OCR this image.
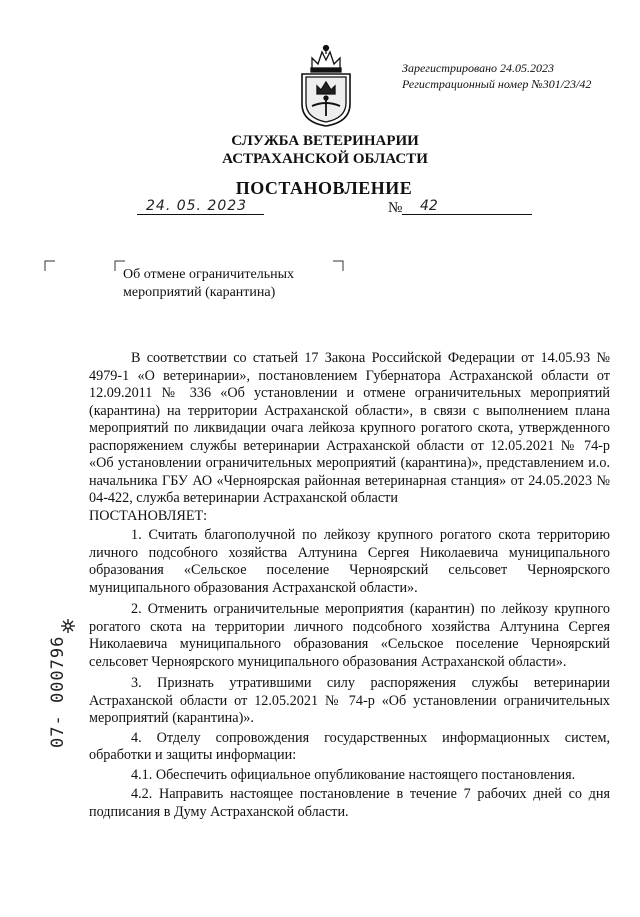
Зарегистрировано 24.05.2023
Регистрационный номер №301/23/42
СЛУЖБА ВЕТЕРИНАРИИ
АСТРАХАНСКОЙ ОБЛАСТИ
ПОСТАНОВЛЕНИЕ
24. 05. 2023	№ 42
Об отмене ограничительных
мероприятий (карантина)

В соответствии со статьей 17 Закона Российской Федерации от 14.05.93 № 4979-1 «О ветеринарии», постановлением Губернатора Астраханской области от 12.09.2011 № 336 «Об установлении и отмене ограничительных мероприятий (карантина) на территории Астраханской области», в связи с выполнением плана мероприятий по ликвидации очага лейкоза крупного рогатого скота, утвержденного распоряжением службы ветеринарии Астраханской области от 12.05.2021 № 74-р «Об установлении ограничительных мероприятий (карантина)», представлением и.о. начальника ГБУ АО «Черноярская районная ветеринарная станция» от 24.05.2023 № 04-422, служба ветеринарии Астраханской области

ПОСТАНОВЛЯЕТ:

1. Считать благополучной по лейкозу крупного рогатого скота территорию личного подсобного хозяйства Алтунина Сергея Николаевича муниципального образования «Сельское поселение Черноярский сельсовет Черноярского муниципального образования Астраханской области».

2. Отменить ограничительные мероприятия (карантин) по лейкозу крупного рогатого скота на территории личного подсобного хозяйства Алтунина Сергея Николаевича муниципального образования «Сельское поселение Черноярский сельсовет Черноярского муниципального образования Астраханской области».

3. Признать утратившими силу распоряжения службы ветеринарии Астраханской области от 12.05.2021 № 74-р «Об установлении ограничительных мероприятий (карантина)».

4. Отделу сопровождения государственных информационных систем, обработки и защиты информации:

4.1. Обеспечить официальное опубликование настоящего постановления.

4.2. Направить настоящее постановление в течение 7 рабочих дней со дня подписания в Думу Астраханской области.

07- 000796
